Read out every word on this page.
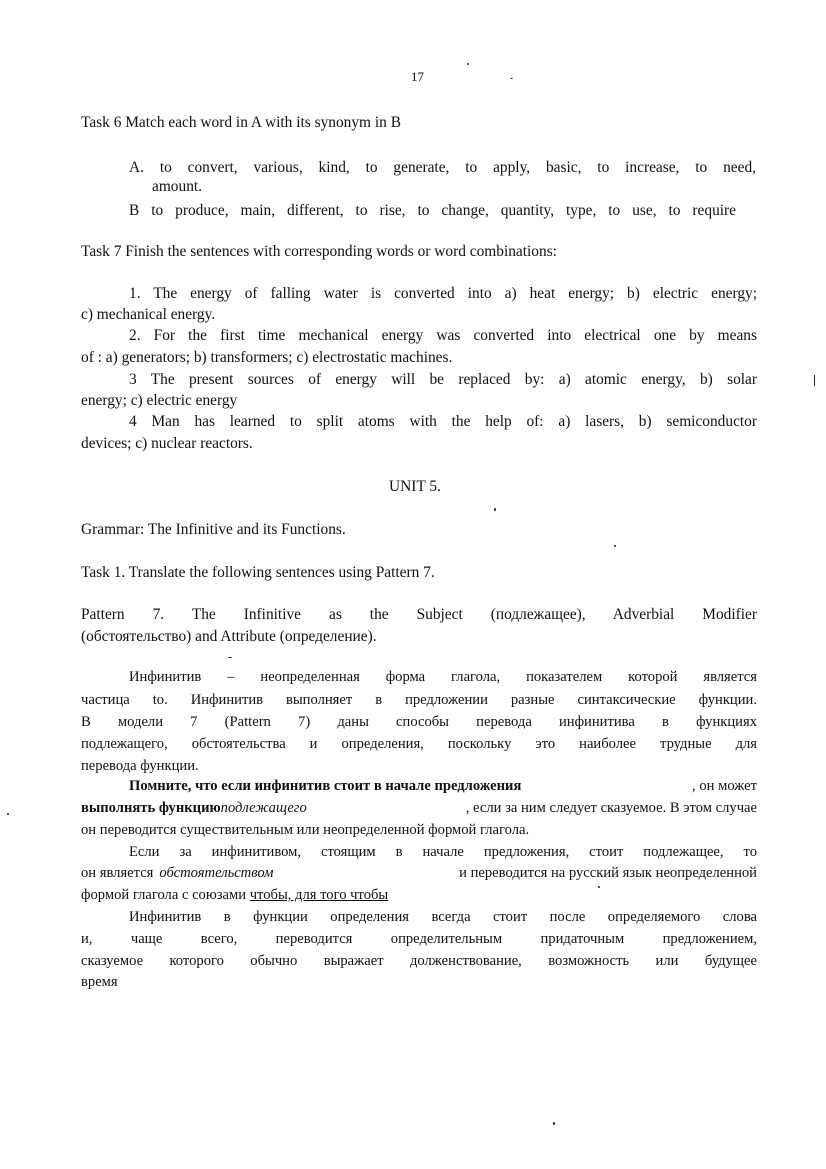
17
Task 6 Match each word in A with its synonym in B
A. to convert, various, kind, to generate, to apply, basic, to increase, to need,
amount.
B to produce, main, different, to rise, to change, quantity, type, to use, to require
Task 7 Finish the sentences with corresponding words or word combinations:
1. The energy of falling water is converted into a) heat energy; b) electric energy;
c) mechanical energy.
2. For the first time mechanical energy was converted into electrical one by means
of : a) generators; b) transformers; c) electrostatic machines.
3 The present sources of energy will be replaced by: a) atomic energy, b) solar
energy; c) electric energy
4 Man has learned to split atoms with the help of: a) lasers, b) semiconductor
devices; c) nuclear reactors.
UNIT 5.
Grammar: The Infinitive and its Functions.
Task 1. Translate the following sentences using Pattern 7.
Pattern 7. The Infinitive as the Subject (подлежащее), Adverbial Modifier
(обстоятельство) and Attribute (определение).
Инфинитив – неопределенная форма глагола, показателем которой является
частица to. Инфинитив выполняет в предложении разные синтаксические функции.
В модели 7 (Pattern 7) даны способы перевода инфинитива в функциях
подлежащего, обстоятельства и определения, поскольку это наиболее трудные для
перевода функции.
Помните, что если инфинитив стоит в начале предложения	, он может
выполнять функцию подлежащего	, если за ним следует сказуемое. В этом случае
он переводится существительным или неопределенной формой глагола.
Если за инфинитивом, стоящим в начале предложения, стоит подлежащее, то
он является обстоятельством	и переводится на русский язык неопределенной
формой глагола с союзами чтобы, для того чтобы
Инфинитив в функции определения всегда стоит после определяемого слова
и, чаще всего, переводится определительным придаточным предложением,
сказуемое которого обычно выражает долженствование, возможность или будущее
время
